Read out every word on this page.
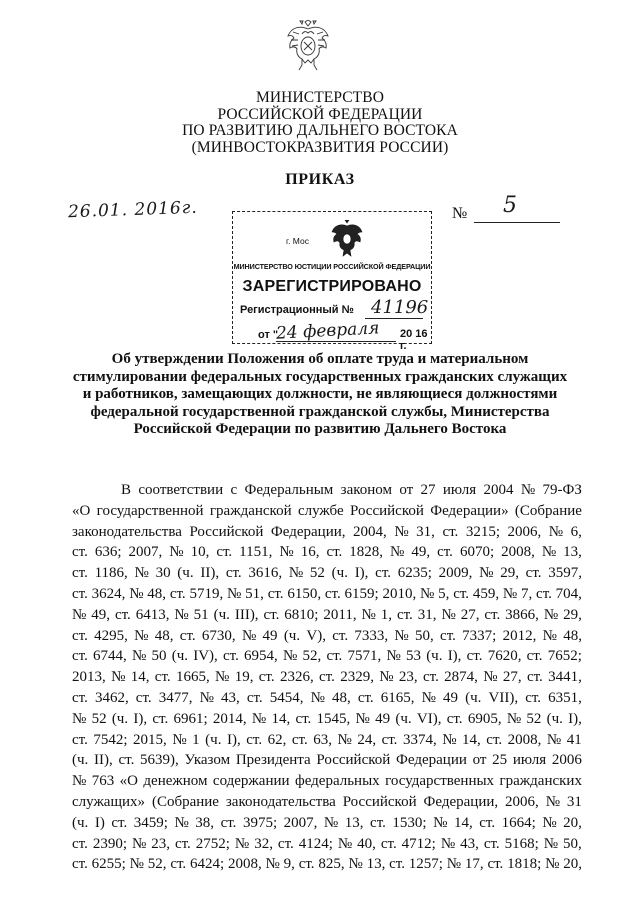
МИНИСТЕРСТВО
РОССИЙСКОЙ ФЕДЕРАЦИИ
ПО РАЗВИТИЮ ДАЛЬНЕГО ВОСТОКА
(МИНВОСТОКРАЗВИТИЯ РОССИИ)
ПРИКАЗ
26.01. 2016г.	№ 5
г. Мос
МИНИСТЕРСТВО ЮСТИЦИИ РОССИЙСКОЙ ФЕДЕРАЦИИ
ЗАРЕГИСТРИРОВАНО
Регистрационный № 41196
от "
24 февраля 20 16 г.
Об утверждении Положения об оплате труда и материальном
стимулировании федеральных государственных гражданских служащих
и работников, замещающих должности, не являющиеся должностями
федеральной государственной гражданской службы, Министерства
Российской Федерации по развитию Дальнего Востока
В соответствии с Федеральным законом от 27 июля 2004 № 79-ФЗ
«О государственной гражданской службе Российской Федерации» (Собрание
законодательства Российской Федерации, 2004, № 31, ст. 3215; 2006, № 6,
ст. 636; 2007, № 10, ст. 1151, № 16, ст. 1828, № 49, ст. 6070; 2008, № 13,
ст. 1186, № 30 (ч. II), ст. 3616, № 52 (ч. I), ст. 6235; 2009, № 29, ст. 3597,
ст. 3624, № 48, ст. 5719, № 51, ст. 6150, ст. 6159; 2010, № 5, ст. 459, № 7, ст. 704,
№ 49, ст. 6413, № 51 (ч. III), ст. 6810; 2011, № 1, ст. 31, № 27, ст. 3866, № 29,
ст. 4295, № 48, ст. 6730, № 49 (ч. V), ст. 7333, № 50, ст. 7337; 2012, № 48,
ст. 6744, № 50 (ч. IV), ст. 6954, № 52, ст. 7571, № 53 (ч. I), ст. 7620, ст. 7652;
2013, № 14, ст. 1665, № 19, ст. 2326, ст. 2329, № 23, ст. 2874, № 27, ст. 3441,
ст. 3462, ст. 3477, № 43, ст. 5454, № 48, ст. 6165, № 49 (ч. VII), ст. 6351,
№ 52 (ч. I), ст. 6961; 2014, № 14, ст. 1545, № 49 (ч. VI), ст. 6905, № 52 (ч. I),
ст. 7542; 2015, № 1 (ч. I), ст. 62, ст. 63, № 24, ст. 3374, № 14, ст. 2008, № 41
(ч. II), ст. 5639), Указом Президента Российской Федерации от 25 июля 2006
№ 763 «О денежном содержании федеральных государственных гражданских
служащих» (Собрание законодательства Российской Федерации, 2006, № 31
(ч. I) ст. 3459; № 38, ст. 3975; 2007, № 13, ст. 1530; № 14, ст. 1664; № 20,
ст. 2390; № 23, ст. 2752; № 32, ст. 4124; № 40, ст. 4712; № 43, ст. 5168; № 50,
ст. 6255; № 52, ст. 6424; 2008, № 9, ст. 825, № 13, ст. 1257; № 17, ст. 1818; № 20,
